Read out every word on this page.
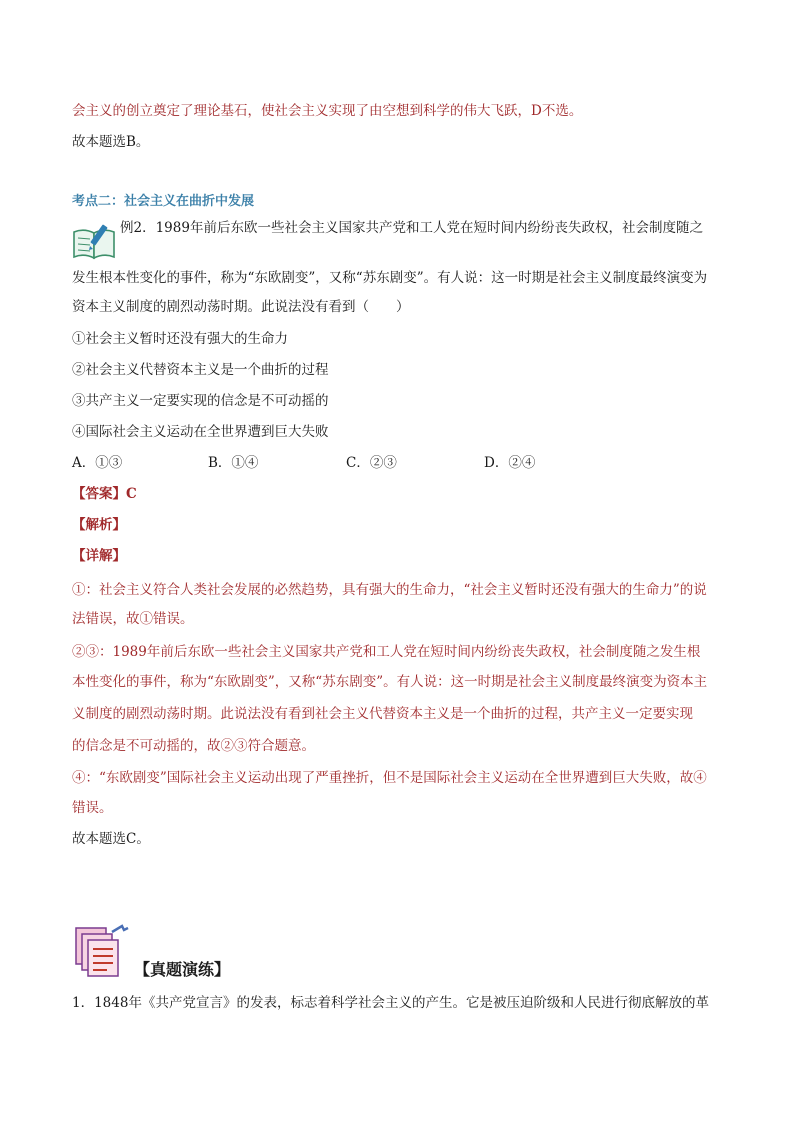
会主义的创立奠定了理论基石，使社会主义实现了由空想到科学的伟大飞跃，D不选。
故本题选B。
考点二：社会主义在曲折中发展
例2．1989年前后东欧一些社会主义国家共产党和工人党在短时间内纷纷丧失政权，社会制度随之
发生根本性变化的事件，称为“东欧剧变”，又称“苏东剧变”。有人说：这一时期是社会主义制度最终演变为
资本主义制度的剧烈动荡时期。此说法没有看到（　　）
①社会主义暂时还没有强大的生命力
②社会主义代替资本主义是一个曲折的过程
③共产主义一定要实现的信念是不可动摇的
④国际社会主义运动在全世界遭到巨大失败
A．①③	B．①④	C．②③	D．②④
【答案】C
【解析】
【详解】
①：社会主义符合人类社会发展的必然趋势，具有强大的生命力，“社会主义暂时还没有强大的生命力”的说
法错误，故①错误。
②③：1989年前后东欧一些社会主义国家共产党和工人党在短时间内纷纷丧失政权，社会制度随之发生根
本性变化的事件，称为“东欧剧变”，又称“苏东剧变”。有人说：这一时期是社会主义制度最终演变为资本主
义制度的剧烈动荡时期。此说法没有看到社会主义代替资本主义是一个曲折的过程，共产主义一定要实现
的信念是不可动摇的，故②③符合题意。
④：“东欧剧变”国际社会主义运动出现了严重挫折，但不是国际社会主义运动在全世界遭到巨大失败，故④
错误。
故本题选C。
【真题演练】
1．1848年《共产党宣言》的发表，标志着科学社会主义的产生。它是被压迫阶级和人民进行彻底解放的革
